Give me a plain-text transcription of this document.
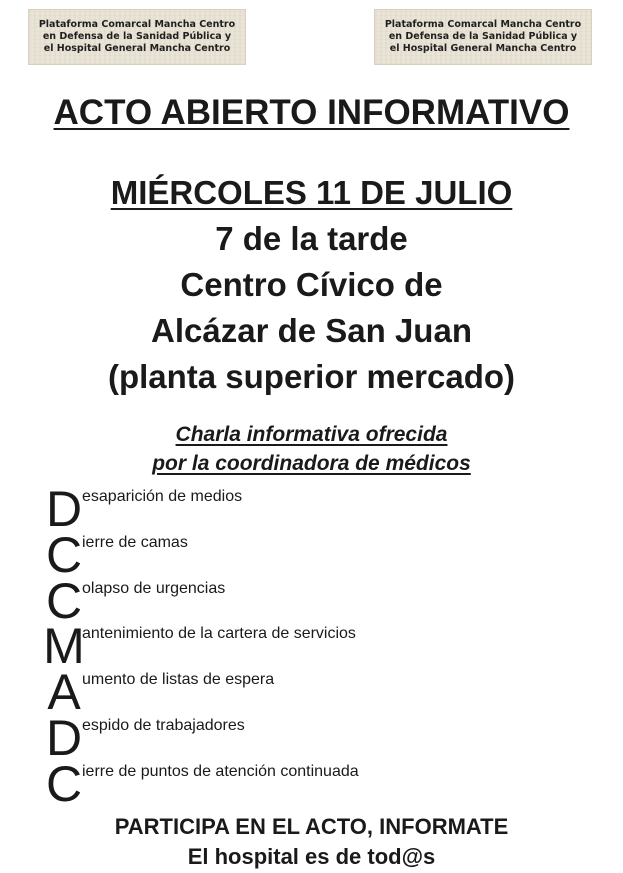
Plataforma Comarcal Mancha Centro
en Defensa de la Sanidad Pública y
el Hospital General Mancha Centro
Plataforma Comarcal Mancha Centro
en Defensa de la Sanidad Pública y
el Hospital General Mancha Centro
ACTO ABIERTO INFORMATIVO
MIÉRCOLES 11 DE JULIO
7 de la tarde
Centro Cívico de
Alcázar de San Juan
(planta superior mercado)
Charla informativa ofrecida
por la coordinadora de médicos
D esaparición de medios
C ierre de camas
C olapso de urgencias
M
antenimiento de la cartera de servicios
A umento de listas de espera
D espido de trabajadores
C ierre de puntos de atención continuada
PARTICIPA EN EL ACTO, INFORMATE
El hospital es de tod@s
